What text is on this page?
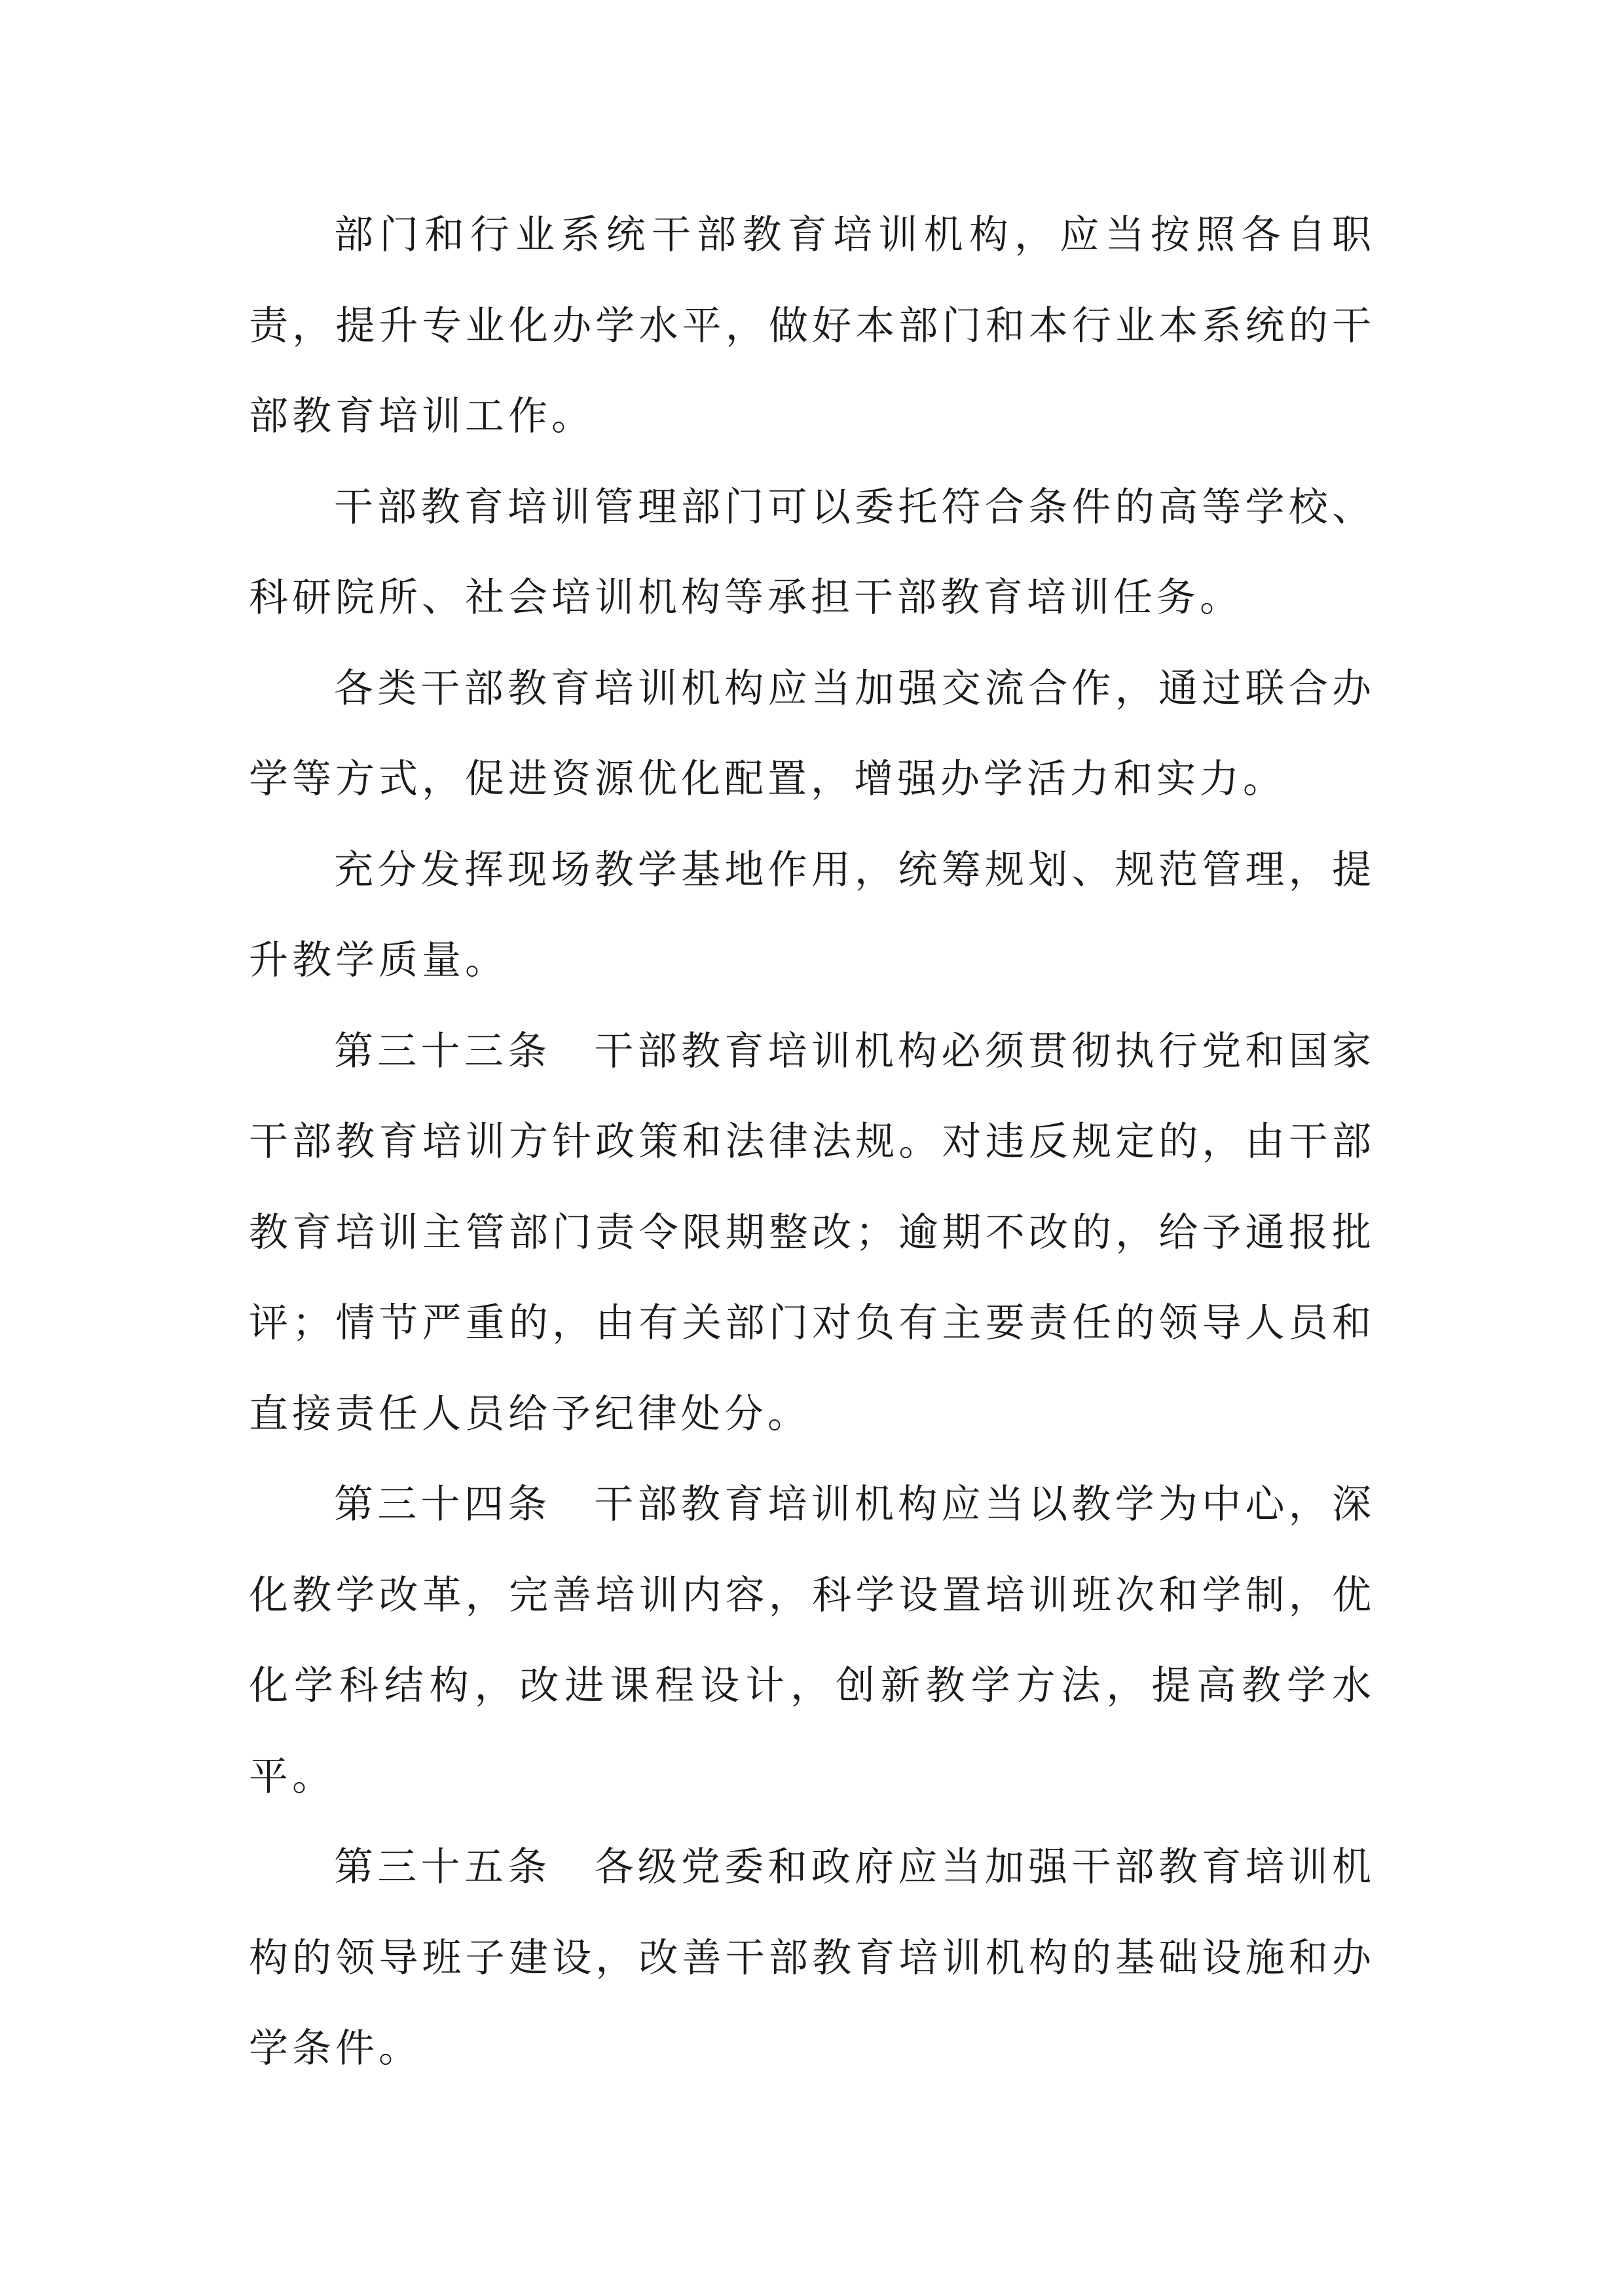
部门和行业系统干部教育培训机构，应当按照各自职责，提升专业化办学水平，做好本部门和本行业本系统的干部教育培训工作。

干部教育培训管理部门可以委托符合条件的高等学校、科研院所、社会培训机构等承担干部教育培训任务。

各类干部教育培训机构应当加强交流合作，通过联合办学等方式，促进资源优化配置，增强办学活力和实力。

充分发挥现场教学基地作用，统筹规划、规范管理，提升教学质量。

第三十三条 干部教育培训机构必须贯彻执行党和国家干部教育培训方针政策和法律法规。对违反规定的，由干部教育培训主管部门责令限期整改；逾期不改的，给予通报批评；情节严重的，由有关部门对负有主要责任的领导人员和直接责任人员给予纪律处分。

第三十四条 干部教育培训机构应当以教学为中心，深化教学改革，完善培训内容，科学设置培训班次和学制，优化学科结构，改进课程设计，创新教学方法，提高教学水平。

第三十五条 各级党委和政府应当加强干部教育培训机构的领导班子建设，改善干部教育培训机构的基础设施和办学条件。
